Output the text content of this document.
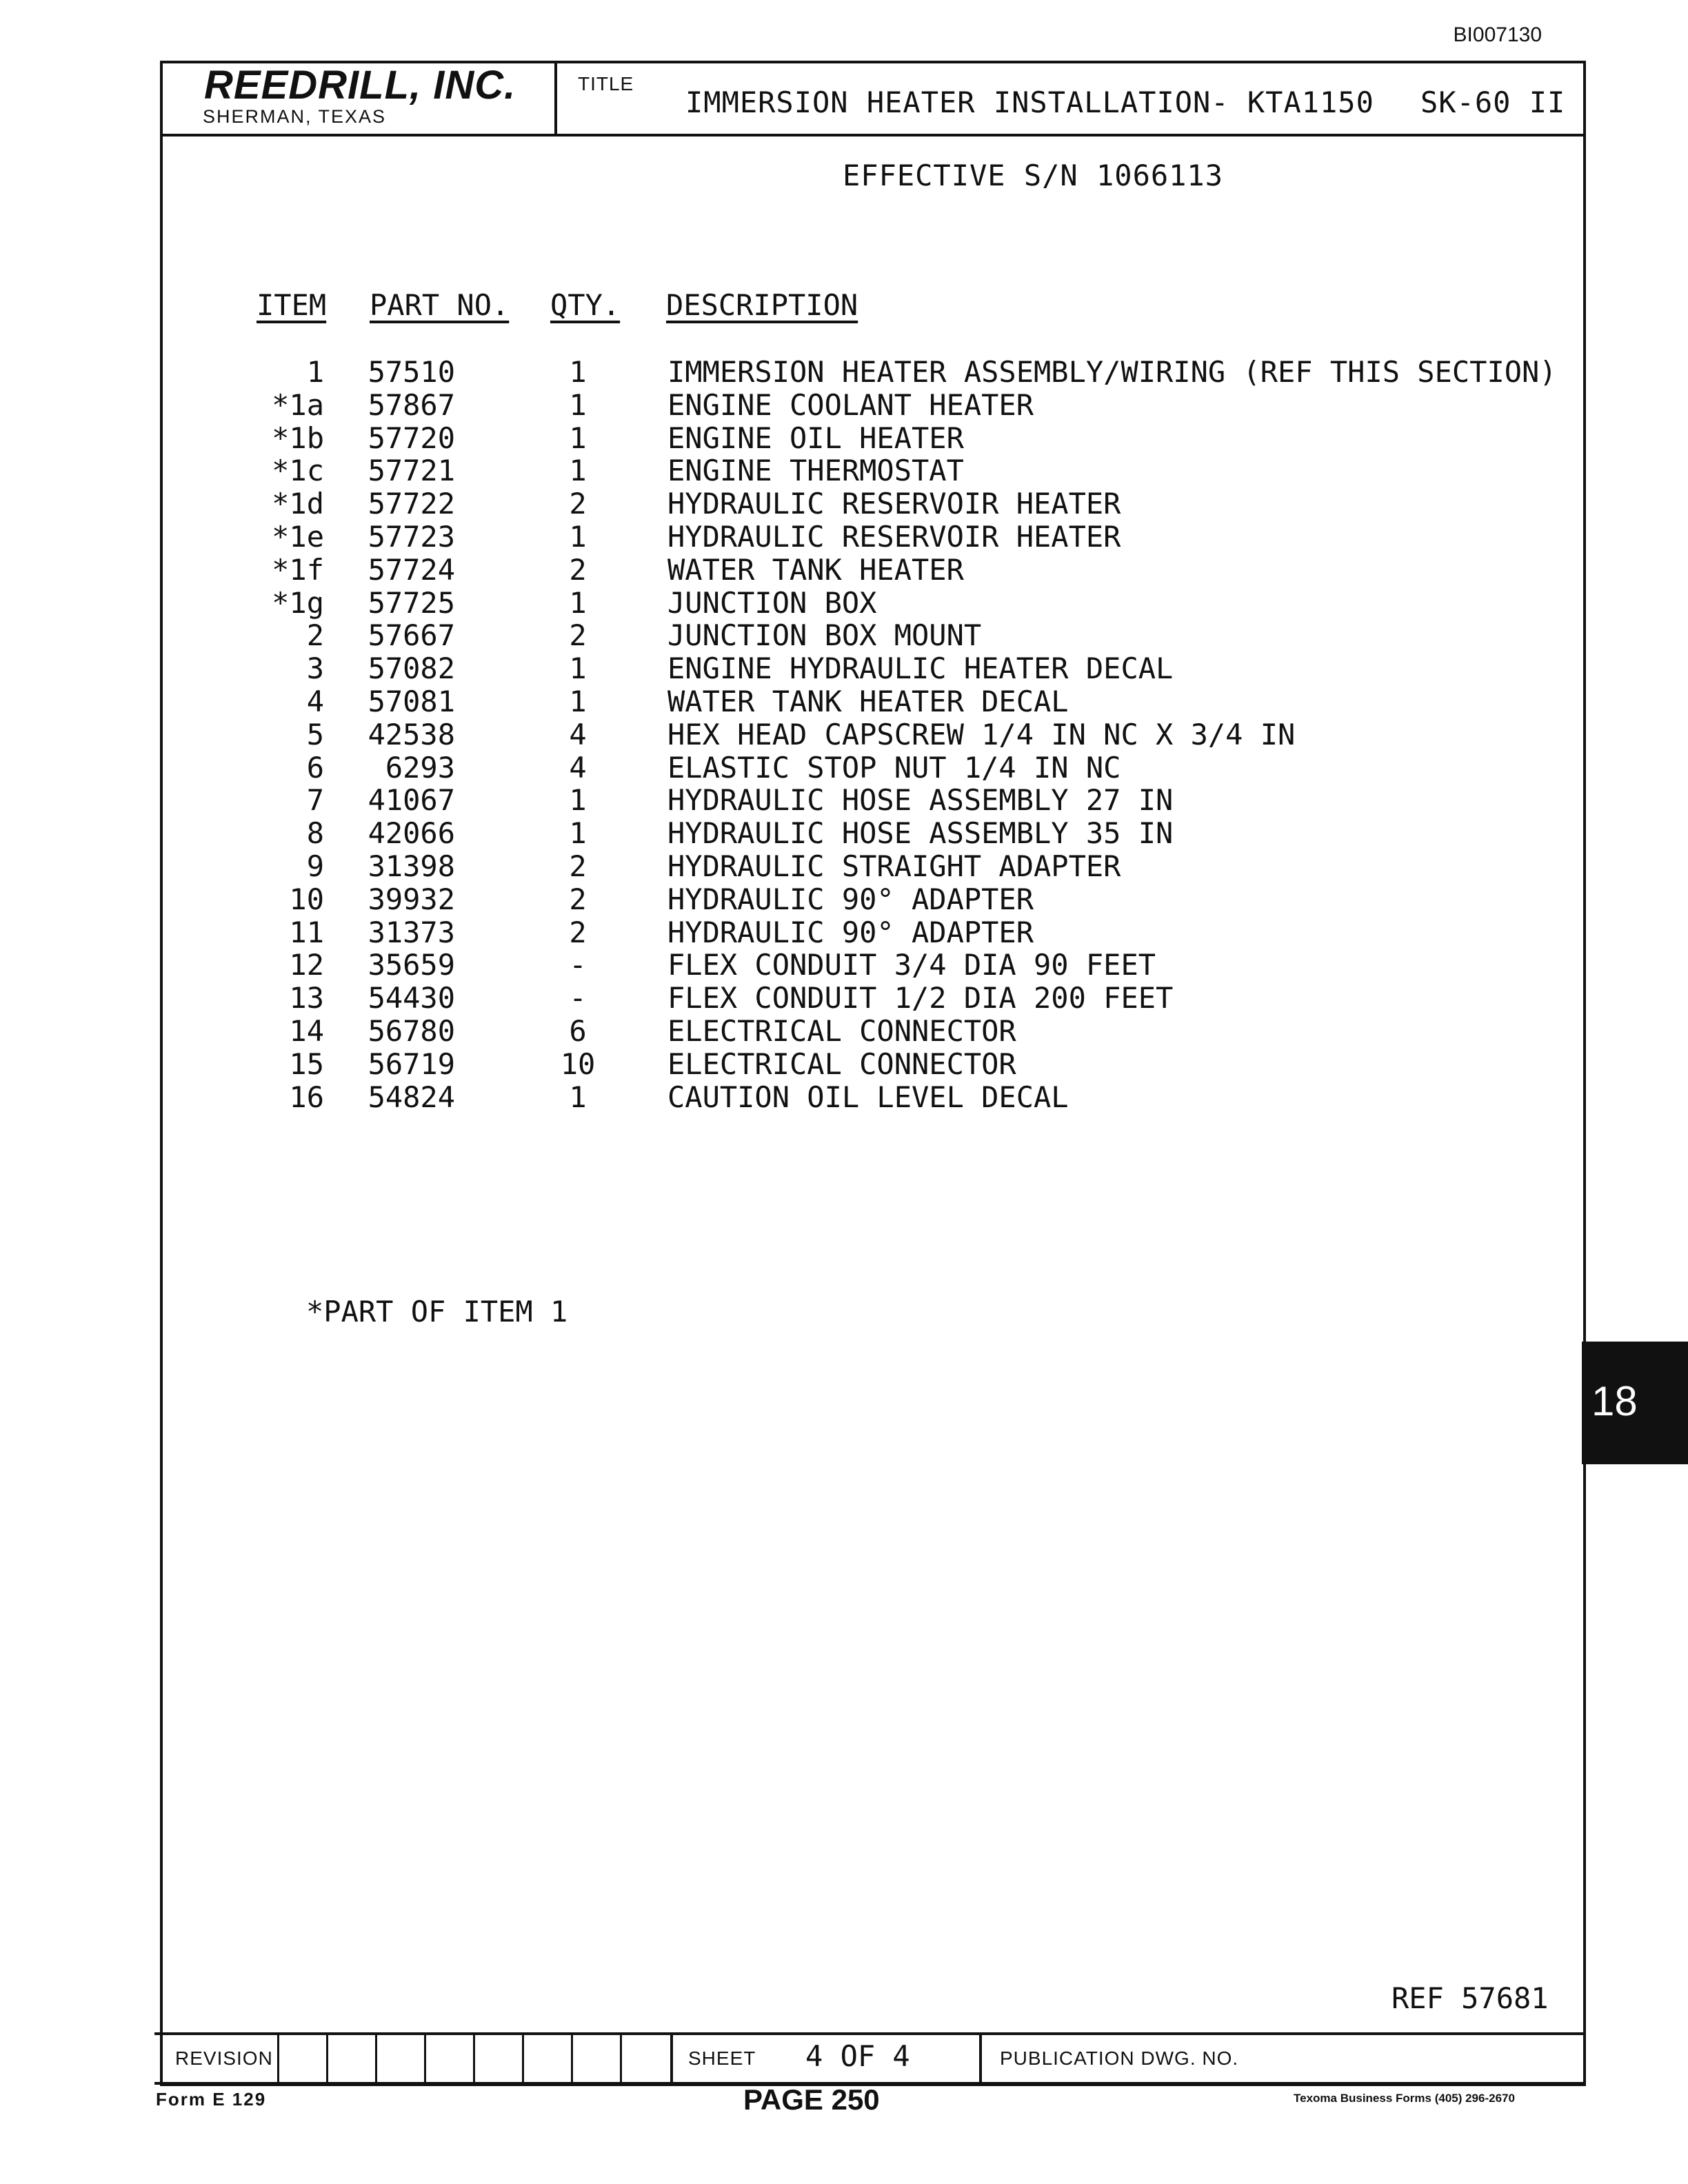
BI007130
REEDRILL, INC.
SHERMAN, TEXAS
TITLE
IMMERSION HEATER INSTALLATION- KTA1150 SK-60 II
EFFECTIVE S/N 1066113
ITEM PART NO. QTY. DESCRIPTION
1 57510	1	IMMERSION HEATER ASSEMBLY/WIRING (REF THIS SECTION)
*1a 57867	1	ENGINE COOLANT HEATER
*1b 57720	1	ENGINE OIL HEATER
*1c 57721	1	ENGINE THERMOSTAT
*1d 57722	2	HYDRAULIC RESERVOIR HEATER
*1e 57723	1	HYDRAULIC RESERVOIR HEATER
*1f 57724	2	WATER TANK HEATER
*1g 57725	1	JUNCTION BOX
2 57667	2	JUNCTION BOX MOUNT
3 57082	1	ENGINE HYDRAULIC HEATER DECAL
4 57081	1	WATER TANK HEATER DECAL
5 42538	4	HEX HEAD CAPSCREW 1/4 IN NC X 3/4 IN
6	6293	4	ELASTIC STOP NUT 1/4 IN NC
7 41067	1	HYDRAULIC HOSE ASSEMBLY 27 IN
8 42066	1	HYDRAULIC HOSE ASSEMBLY 35 IN
9 31398	2	HYDRAULIC STRAIGHT ADAPTER
10 39932	2	HYDRAULIC 90° ADAPTER
11 31373	2	HYDRAULIC 90° ADAPTER
12 35659	-	FLEX CONDUIT 3/4 DIA 90 FEET
13 54430	-	FLEX CONDUIT 1/2 DIA 200 FEET
14 56780	6	ELECTRICAL CONNECTOR
15 56719	10	ELECTRICAL CONNECTOR
16 54824	1	CAUTION OIL LEVEL DECAL
*PART OF ITEM 1
18
REF 57681
REVISION	SHEET 4 OF 4	PUBLICATION DWG. NO.
Form E 129	PAGE 250	Texoma Business Forms (405) 296-2670
